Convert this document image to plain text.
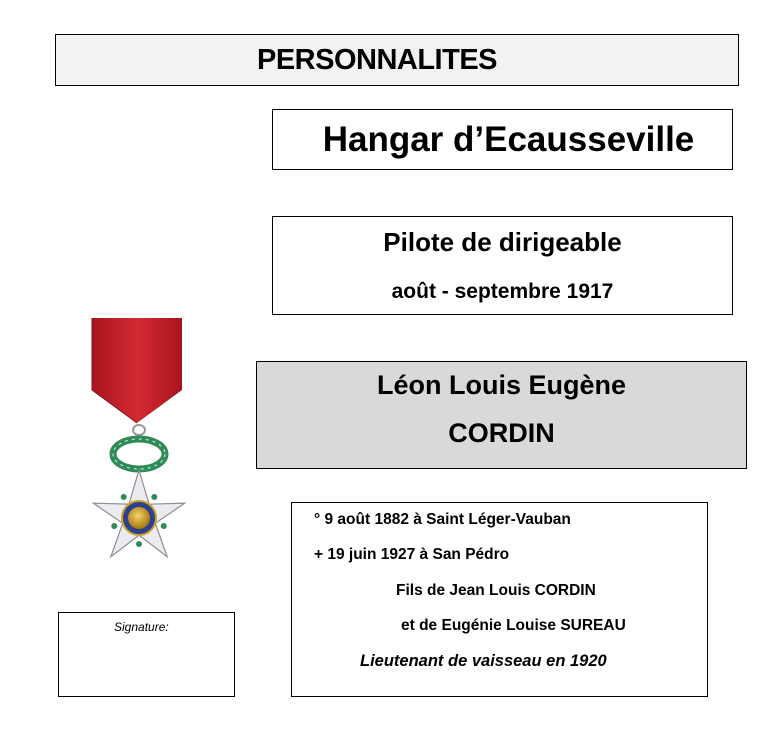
PERSONNALITES
Hangar d’Ecausseville
Pilote de dirigeable
août - septembre 1917
Léon Louis Eugène
CORDIN
° 9 août 1882 à Saint Léger-Vauban
+ 19 juin 1927 à San Pédro
Fils de Jean Louis CORDIN
et de Eugénie Louise SUREAU
Lieutenant de vaisseau en 1920
Signature:
